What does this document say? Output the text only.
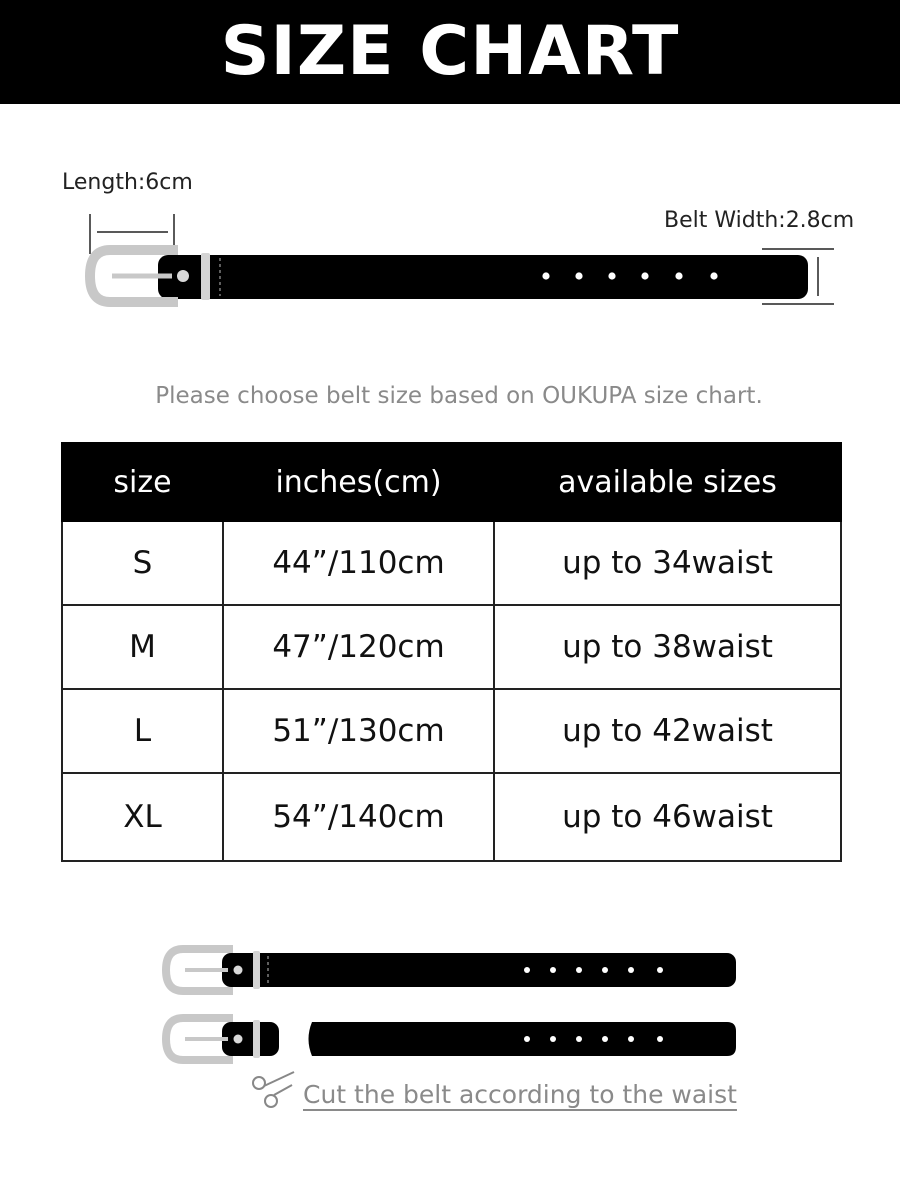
SIZE CHART
Length:6cm
Belt Width:2.8cm
Please choose belt size based on OUKUPA size chart.
size	inches(cm)	available sizes
S	44”/110cm	up to 34waist
M	47”/120cm	up to 38waist
L	51”/130cm	up to 42waist
XL	54”/140cm	up to 46waist
Cut the belt according to the waist
